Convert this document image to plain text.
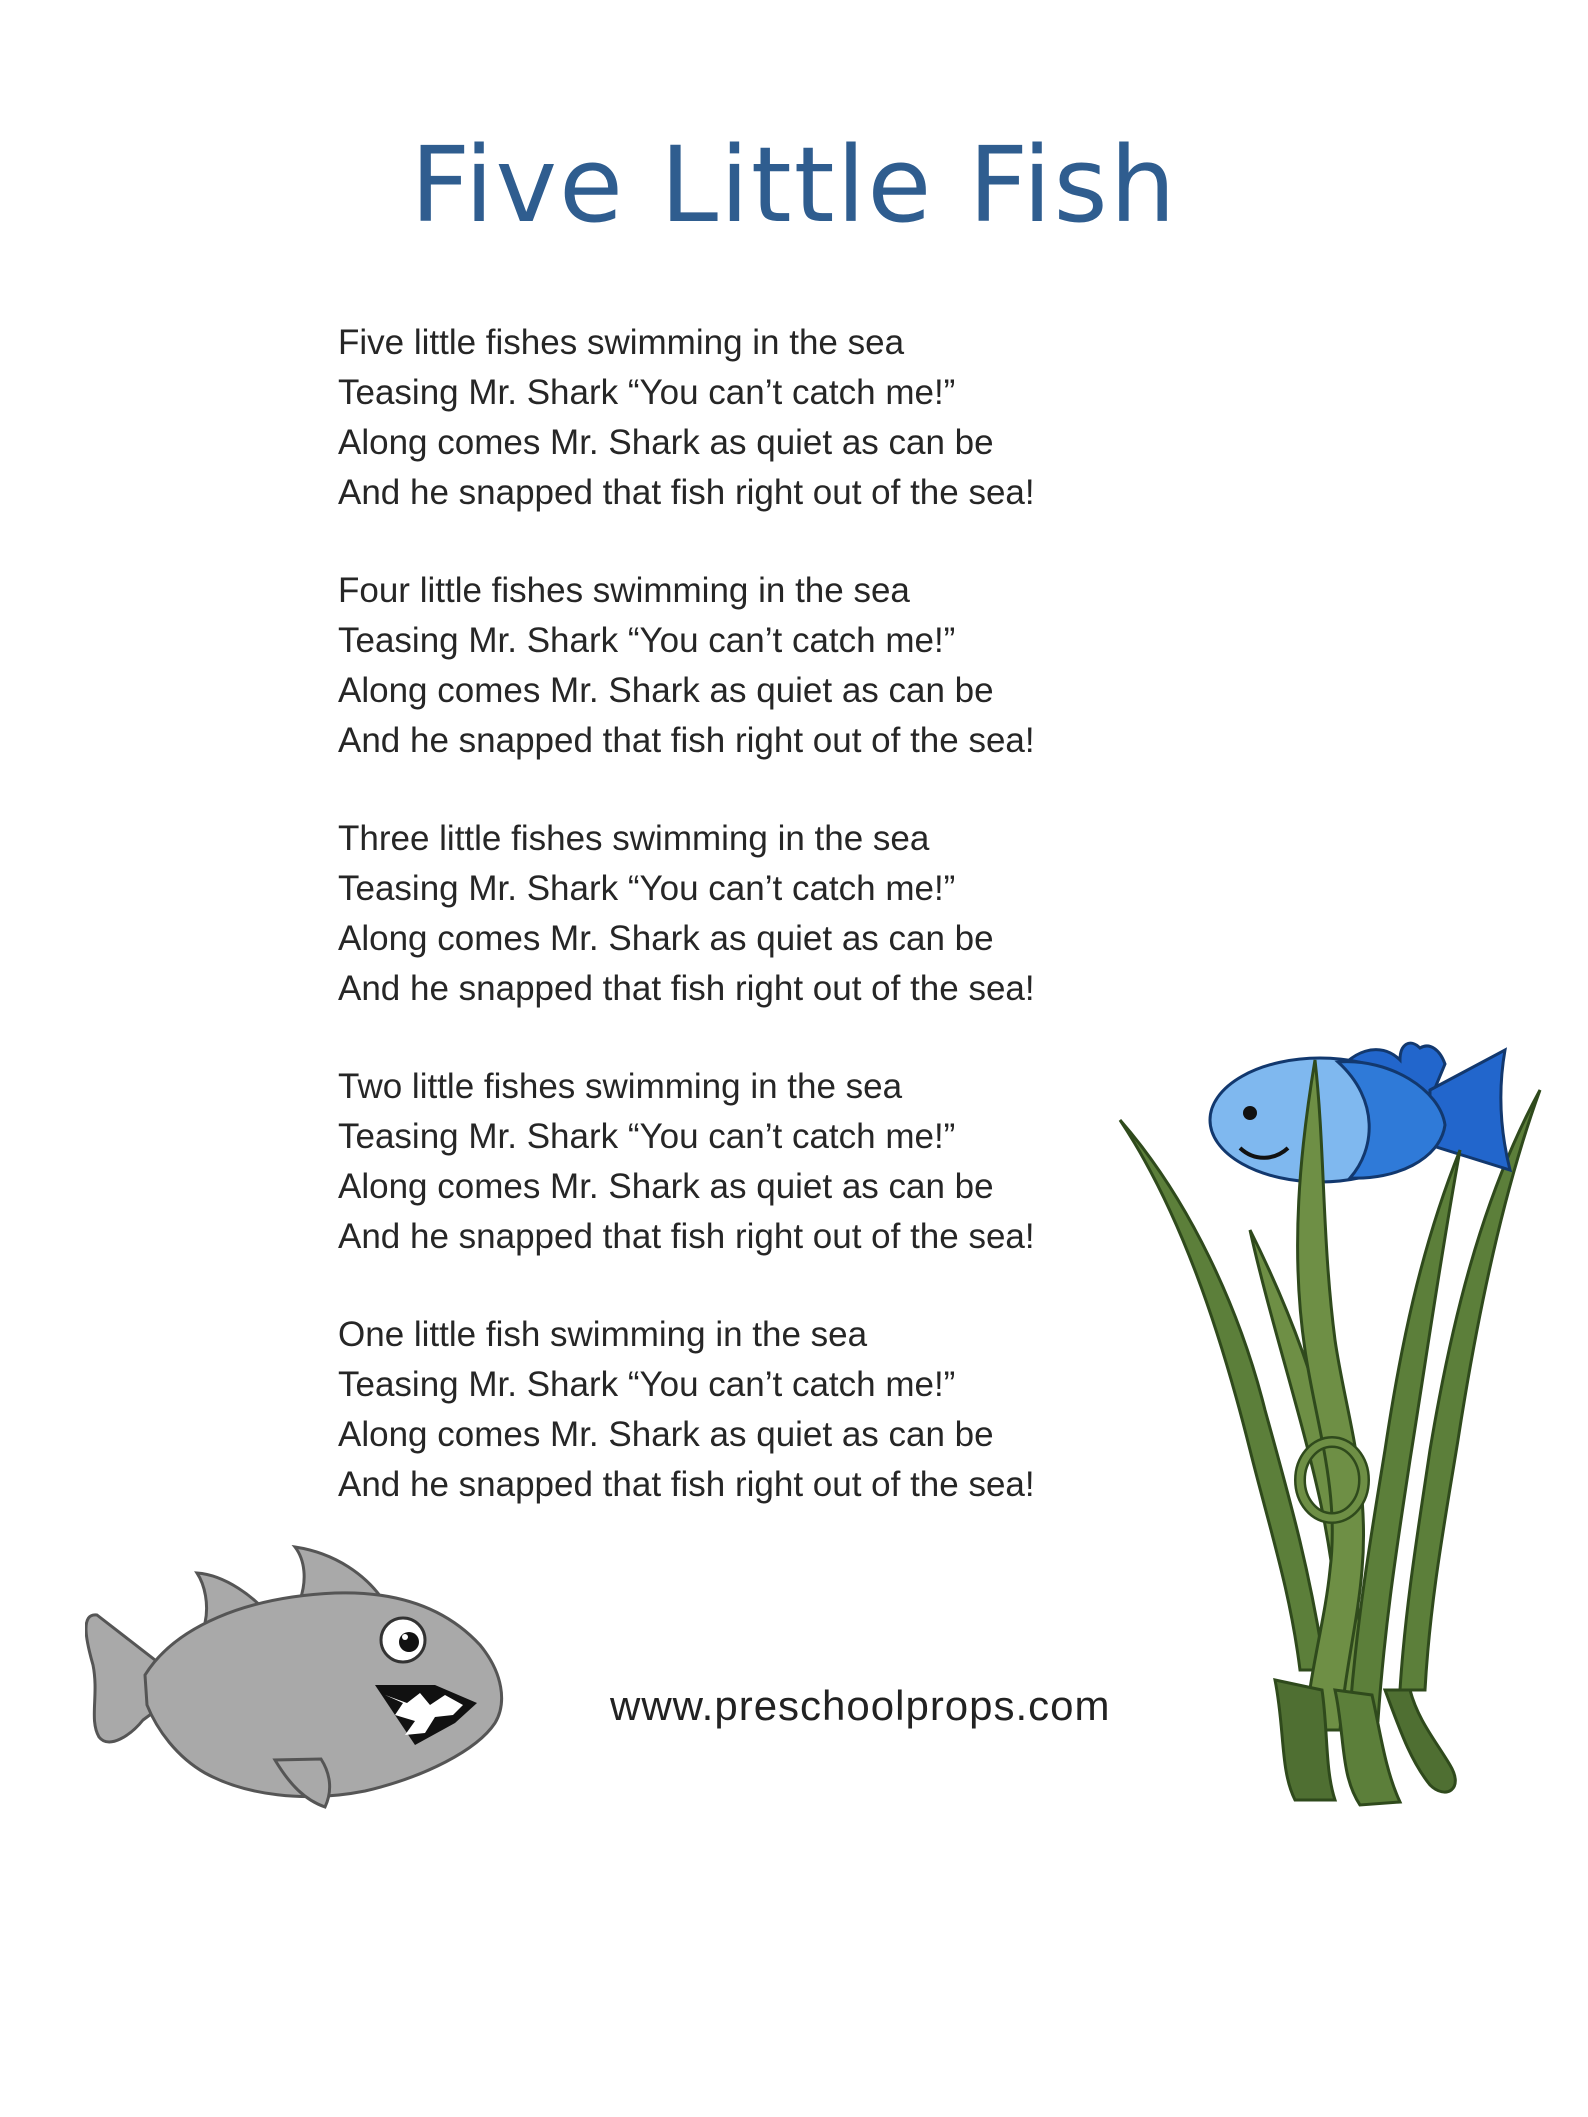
Five Little Fish
Five little fishes swimming in the sea
Teasing Mr. Shark “You can’t catch me!”
Along comes Mr. Shark as quiet as can be
And he snapped that fish right out of the sea!
Four little fishes swimming in the sea
Teasing Mr. Shark “You can’t catch me!”
Along comes Mr. Shark as quiet as can be
And he snapped that fish right out of the sea!
Three little fishes swimming in the sea
Teasing Mr. Shark “You can’t catch me!”
Along comes Mr. Shark as quiet as can be
And he snapped that fish right out of the sea!
Two little fishes swimming in the sea
Teasing Mr. Shark “You can’t catch me!”
Along comes Mr. Shark as quiet as can be
And he snapped that fish right out of the sea!
One little fish swimming in the sea
Teasing Mr. Shark “You can’t catch me!”
Along comes Mr. Shark as quiet as can be
And he snapped that fish right out of the sea!
www.preschoolprops.com
